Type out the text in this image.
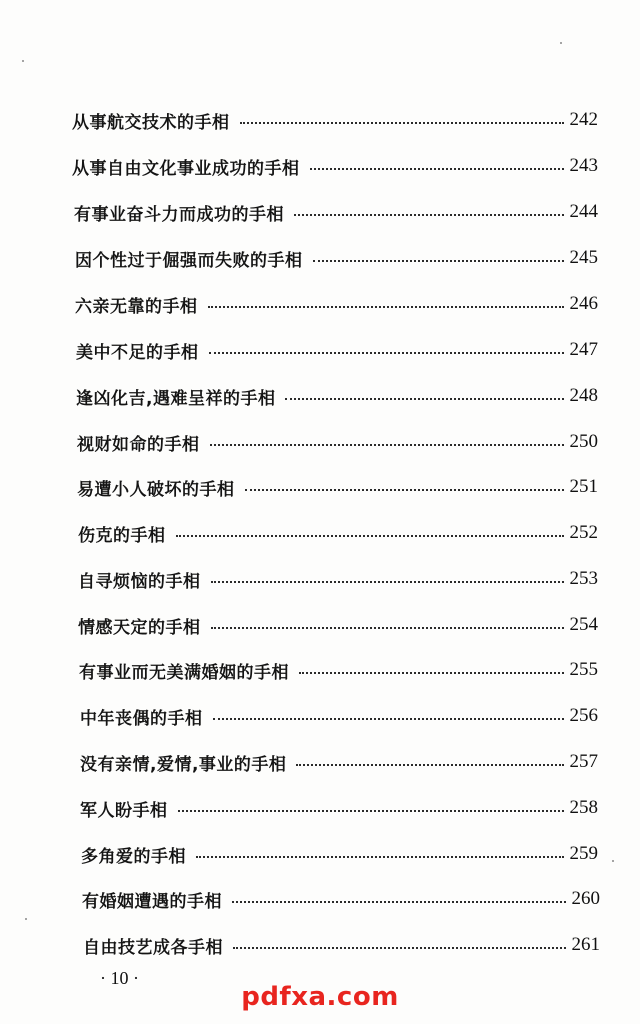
从事航交技术的手相	242
从事自由文化事业成功的手相	243
有事业奋斗力而成功的手相	244
因个性过于倔强而失败的手相	245
六亲无靠的手相	246
美中不足的手相	247
逢凶化吉,遇难呈祥的手相	248
视财如命的手相	250
易遭小人破坏的手相	251
伤克的手相	252
自寻烦恼的手相	253
情感天定的手相	254
有事业而无美满婚姻的手相	255
中年丧偶的手相	256
没有亲情,爱情,事业的手相	257
军人盼手相	258
多角爱的手相	259
有婚姻遭遇的手相	260
自由技艺成各手相	261
· 10 ·
pdfxa.com
